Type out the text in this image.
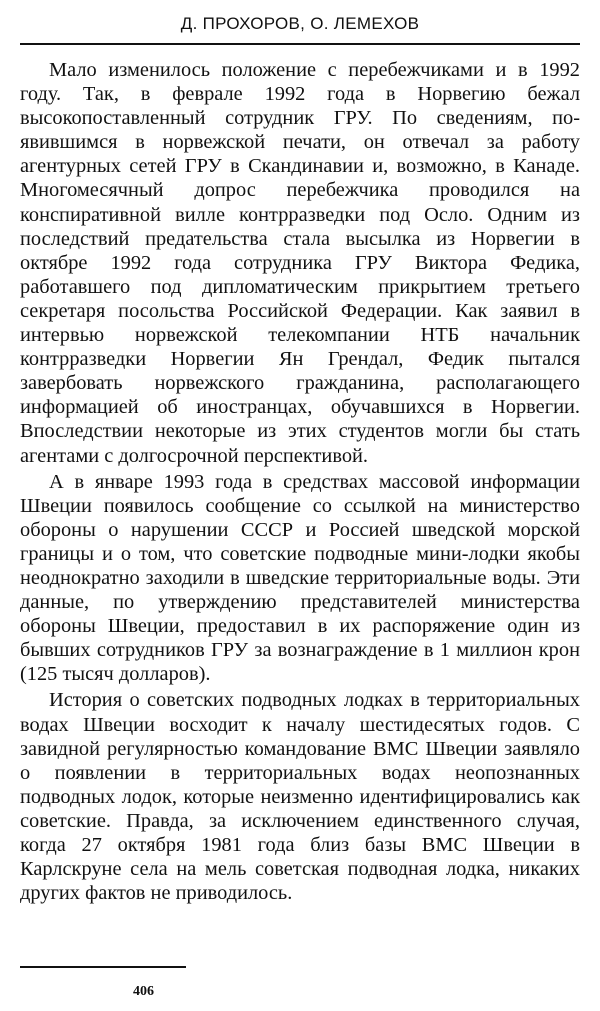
Д. ПРОХОРОВ, О. ЛЕМЕХОВ

Мало изменилось положение с перебежчиками и в 1992 году. Так, в феврале 1992 года в Норвегию бежал высокопоставленный сотрудник ГРУ. По сведениям, появившимся в норвежской печати, он отвечал за работу агентурных сетей ГРУ в Скандинавии и, возможно, в Канаде. Многомесячный допрос перебежчика проводился на конспиративной вилле контрразведки под Осло. Одним из последствий предательства стала высылка из Норвегии в октябре 1992 года сотрудника ГРУ Виктора Федика, работавшего под дипломатическим прикрытием третьего секретаря посольства Российской Федерации. Как заявил в интервью норвежской телекомпании НТБ начальник контрразведки Норвегии Ян Грендал, Федик пытался завербовать норвежского гражданина, располагающего информацией об иностранцах, обучавшихся в Норвегии. Впоследствии некоторые из этих студентов могли бы стать агентами с долгосрочной перспективой.

А в январе 1993 года в средствах массовой информации Швеции появилось сообщение со ссылкой на министерство обороны о нарушении СССР и Россией шведской морской границы и о том, что советские подводные мини-лодки якобы неоднократно заходили в шведские территориальные воды. Эти данные, по утверждению представителей министерства обороны Швеции, предоставил в их распоряжение один из бывших сотрудников ГРУ за вознаграждение в 1 миллион крон (125 тысяч долларов).

История о советских подводных лодках в территориальных водах Швеции восходит к началу шестидесятых годов. С завидной регулярностью командование ВМС Швеции заявляло о появлении в территориальных водах неопознанных подводных лодок, которые неизменно идентифицировались как советские. Правда, за исключением единственного случая, когда 27 октября 1981 года близ базы ВМС Швеции в Карлскруне села на мель советская подводная лодка, никаких других фактов не приводилось.

406
